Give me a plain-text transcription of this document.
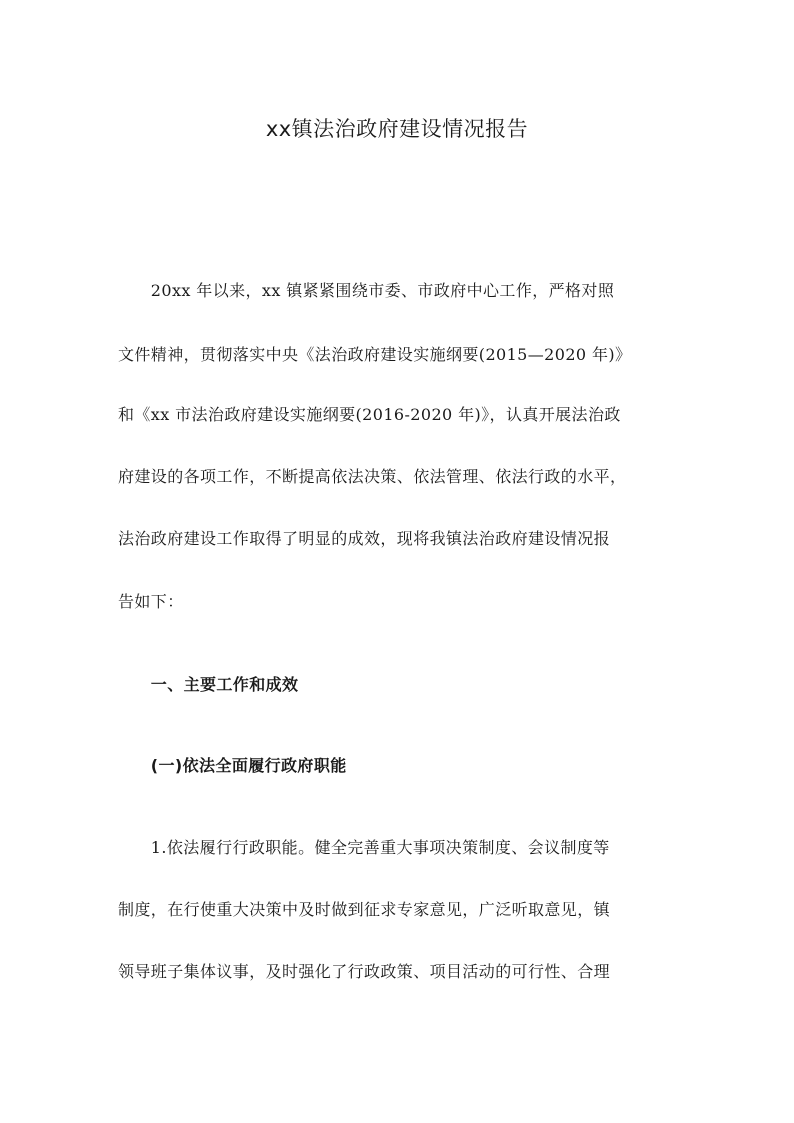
xx镇法治政府建设情况报告
　　20xx 年以来，xx 镇紧紧围绕市委、市政府中心工作，严格对照
文件精神，贯彻落实中央《法治政府建设实施纲要(2015—2020 年)》
和《xx 市法治政府建设实施纲要(2016-2020 年)》，认真开展法治政
府建设的各项工作，不断提高依法决策、依法管理、依法行政的水平，
法治政府建设工作取得了明显的成效，现将我镇法治政府建设情况报
告如下：
　　一、主要工作和成效
　　(一)依法全面履行政府职能
　　1.依法履行行政职能。健全完善重大事项决策制度、会议制度等
制度，在行使重大决策中及时做到征求专家意见，广泛听取意见，镇
领导班子集体议事，及时强化了行政政策、项目活动的可行性、合理
